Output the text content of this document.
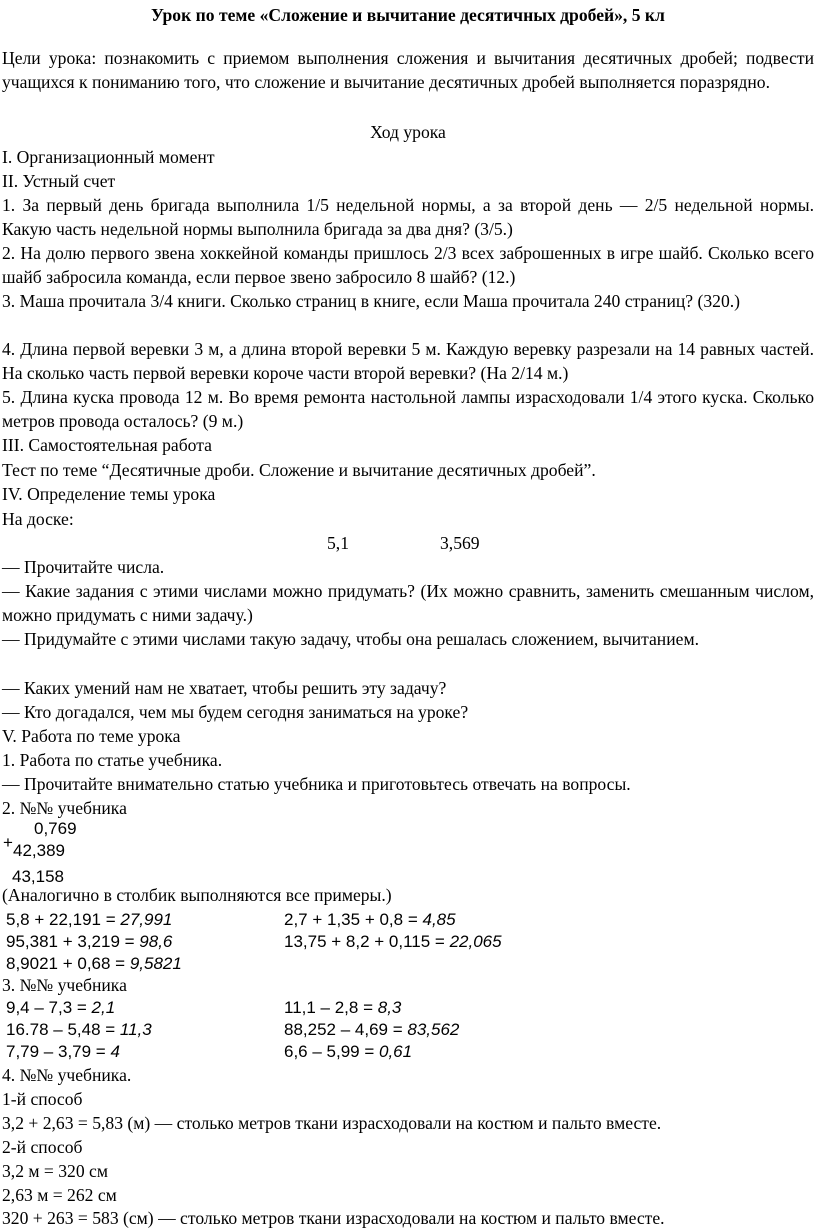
Урок по теме «Сложение и вычитание десятичных дробей», 5 кл
Цели урока: познакомить с приемом выполнения сложения и вычитания десятичных дробей; подвести учащихся к пониманию того, что сложение и вычитание десятичных дробей выполняется поразрядно.
Ход урока
I. Организационный момент
II. Устный счет
1. За первый день бригада выполнила 1/5 недельной нормы, а за второй день — 2/5 недельной нормы. Какую часть недельной нормы выполнила бригада за два дня? (3/5.)
2. На долю первого звена хоккейной команды пришлось 2/3 всех заброшенных в игре шайб. Сколько всего шайб забросила команда, если первое звено забросило 8 шайб? (12.)
3. Маша прочитала 3/4 книги. Сколько страниц в книге, если Маша прочитала 240 страниц? (320.)
4. Длина первой веревки 3 м, а длина второй веревки 5 м. Каждую веревку разрезали на 14 равных частей. На сколько часть первой веревки короче части второй веревки? (На 2/14 м.)
5. Длина куска провода 12 м. Во время ремонта настольной лампы израсходовали 1/4 этого куска. Сколько метров провода осталось? (9 м.)
III. Самостоятельная работа
Тест по теме “Десятичные дроби. Сложение и вычитание десятичных дробей”.
IV. Определение темы урока
На доске:
5,1	3,569
— Прочитайте числа.
— Какие задания с этими числами можно придумать? (Их можно сравнить, заменить смешанным числом, можно придумать с ними задачу.)
— Придумайте с этими числами такую задачу, чтобы она решалась сложением, вычитанием.
— Каких умений нам не хватает, чтобы решить эту задачу?
— Кто догадался, чем мы будем сегодня заниматься на уроке?
V. Работа по теме урока
1. Работа по статье учебника.
— Прочитайте внимательно статью учебника и приготовьтесь отвечать на вопросы.
2. №№ учебника
+
0,769
42,389
43,158
(Аналогично в столбик выполняются все примеры.)
5,8 + 22,191 = 27,991	2,7 + 1,35 + 0,8 = 4,85
95,381 + 3,219 = 98,6	13,75 + 8,2 + 0,115 = 22,065
8,9021 + 0,68 = 9,5821
3. №№ учебника
9,4 – 7,3 = 2,1	11,1 – 2,8 = 8,3
16.78 – 5,48 = 11,3	88,252 – 4,69 = 83,562
7,79 – 3,79 = 4	6,6 – 5,99 = 0,61
4. №№ учебника.
1-й способ
3,2 + 2,63 = 5,83 (м) — столько метров ткани израсходовали на костюм и пальто вместе.
2-й способ
3,2 м = 320 см
2,63 м = 262 см
320 + 263 = 583 (см) — столько метров ткани израсходовали на костюм и пальто вместе.
